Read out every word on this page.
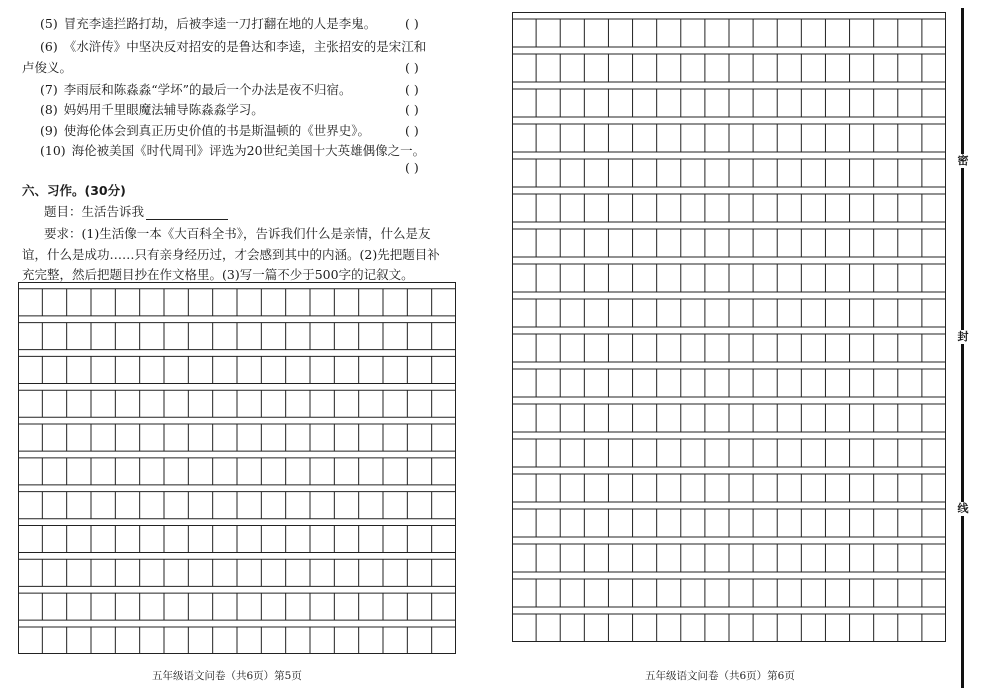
(5) 冒充李逵拦路打劫，后被李逵一刀打翻在地的人是李鬼。 ( )
(6) 《水浒传》中坚决反对招安的是鲁达和李逵，主张招安的是宋江和
卢俊义。	( )
(7) 李雨辰和陈淼淼“学坏”的最后一个办法是夜不归宿。	( )
(8) 妈妈用千里眼魔法辅导陈淼淼学习。	( )
(9) 使海伦体会到真正历史价值的书是斯温顿的《世界史》。	( )
(10) 海伦被美国《时代周刊》评选为20世纪美国十大英雄偶像之一。
( )
六、习作。(30分)
题目：生活告诉我
要求：(1)生活像一本《大百科全书》，告诉我们什么是亲情，什么是友
谊，什么是成功……只有亲身经历过，才会感到其中的内涵。(2)先把题目补
充完整，然后把题目抄在作文格里。(3)写一篇不少于500字的记叙文。
五年级语文问卷（共6页）第5页	五年级语文问卷（共6页）第6页
密
封
线
